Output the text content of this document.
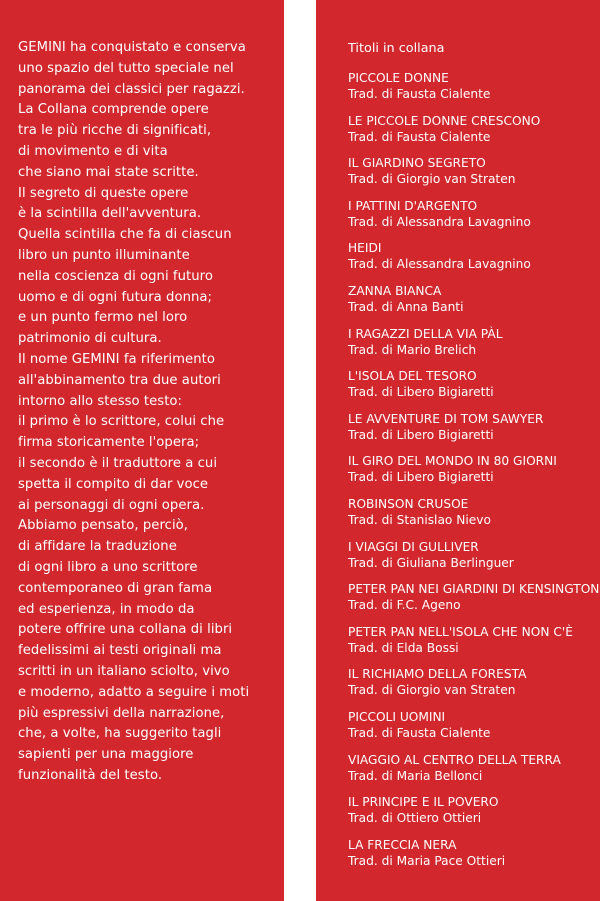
GEMINI ha conquistato e conserva
uno spazio del tutto speciale nel
panorama dei classici per ragazzi.
La Collana comprende opere
tra le più ricche di significati,
di movimento e di vita
che siano mai state scritte.
Il segreto di queste opere
è la scintilla dell'avventura.
Quella scintilla che fa di ciascun
libro un punto illuminante
nella coscienza di ogni futuro
uomo e di ogni futura donna;
e un punto fermo nel loro
patrimonio di cultura.
Il nome GEMINI fa riferimento
all'abbinamento tra due autori
intorno allo stesso testo:
il primo è lo scrittore, colui che
firma storicamente l'opera;
il secondo è il traduttore a cui
spetta il compito di dar voce
ai personaggi di ogni opera.
Abbiamo pensato, perciò,
di affidare la traduzione
di ogni libro a uno scrittore
contemporaneo di gran fama
ed esperienza, in modo da
potere offrire una collana di libri
fedelissimi ai testi originali ma
scritti in un italiano sciolto, vivo
e moderno, adatto a seguire i moti
più espressivi della narrazione,
che, a volte, ha suggerito tagli
sapienti per una maggiore
funzionalità del testo.
Titoli in collana
PICCOLE DONNE
Trad. di Fausta Cialente
LE PICCOLE DONNE CRESCONO
Trad. di Fausta Cialente
IL GIARDINO SEGRETO
Trad. di Giorgio van Straten
I PATTINI D'ARGENTO
Trad. di Alessandra Lavagnino
HEIDI
Trad. di Alessandra Lavagnino
ZANNA BIANCA
Trad. di Anna Banti
I RAGAZZI DELLA VIA PÀL
Trad. di Mario Brelich
L'ISOLA DEL TESORO
Trad. di Libero Bigiaretti
LE AVVENTURE DI TOM SAWYER
Trad. di Libero Bigiaretti
IL GIRO DEL MONDO IN 80 GIORNI
Trad. di Libero Bigiaretti
ROBINSON CRUSOE
Trad. di Stanislao Nievo
I VIAGGI DI GULLIVER
Trad. di Giuliana Berlinguer
PETER PAN NEI GIARDINI DI KENSINGTON
Trad. di F.C. Ageno
PETER PAN NELL'ISOLA CHE NON C'È
Trad. di Elda Bossi
IL RICHIAMO DELLA FORESTA
Trad. di Giorgio van Straten
PICCOLI UOMINI
Trad. di Fausta Cialente
VIAGGIO AL CENTRO DELLA TERRA
Trad. di Maria Bellonci
IL PRINCIPE E IL POVERO
Trad. di Ottiero Ottieri
LA FRECCIA NERA
Trad. di Maria Pace Ottieri
